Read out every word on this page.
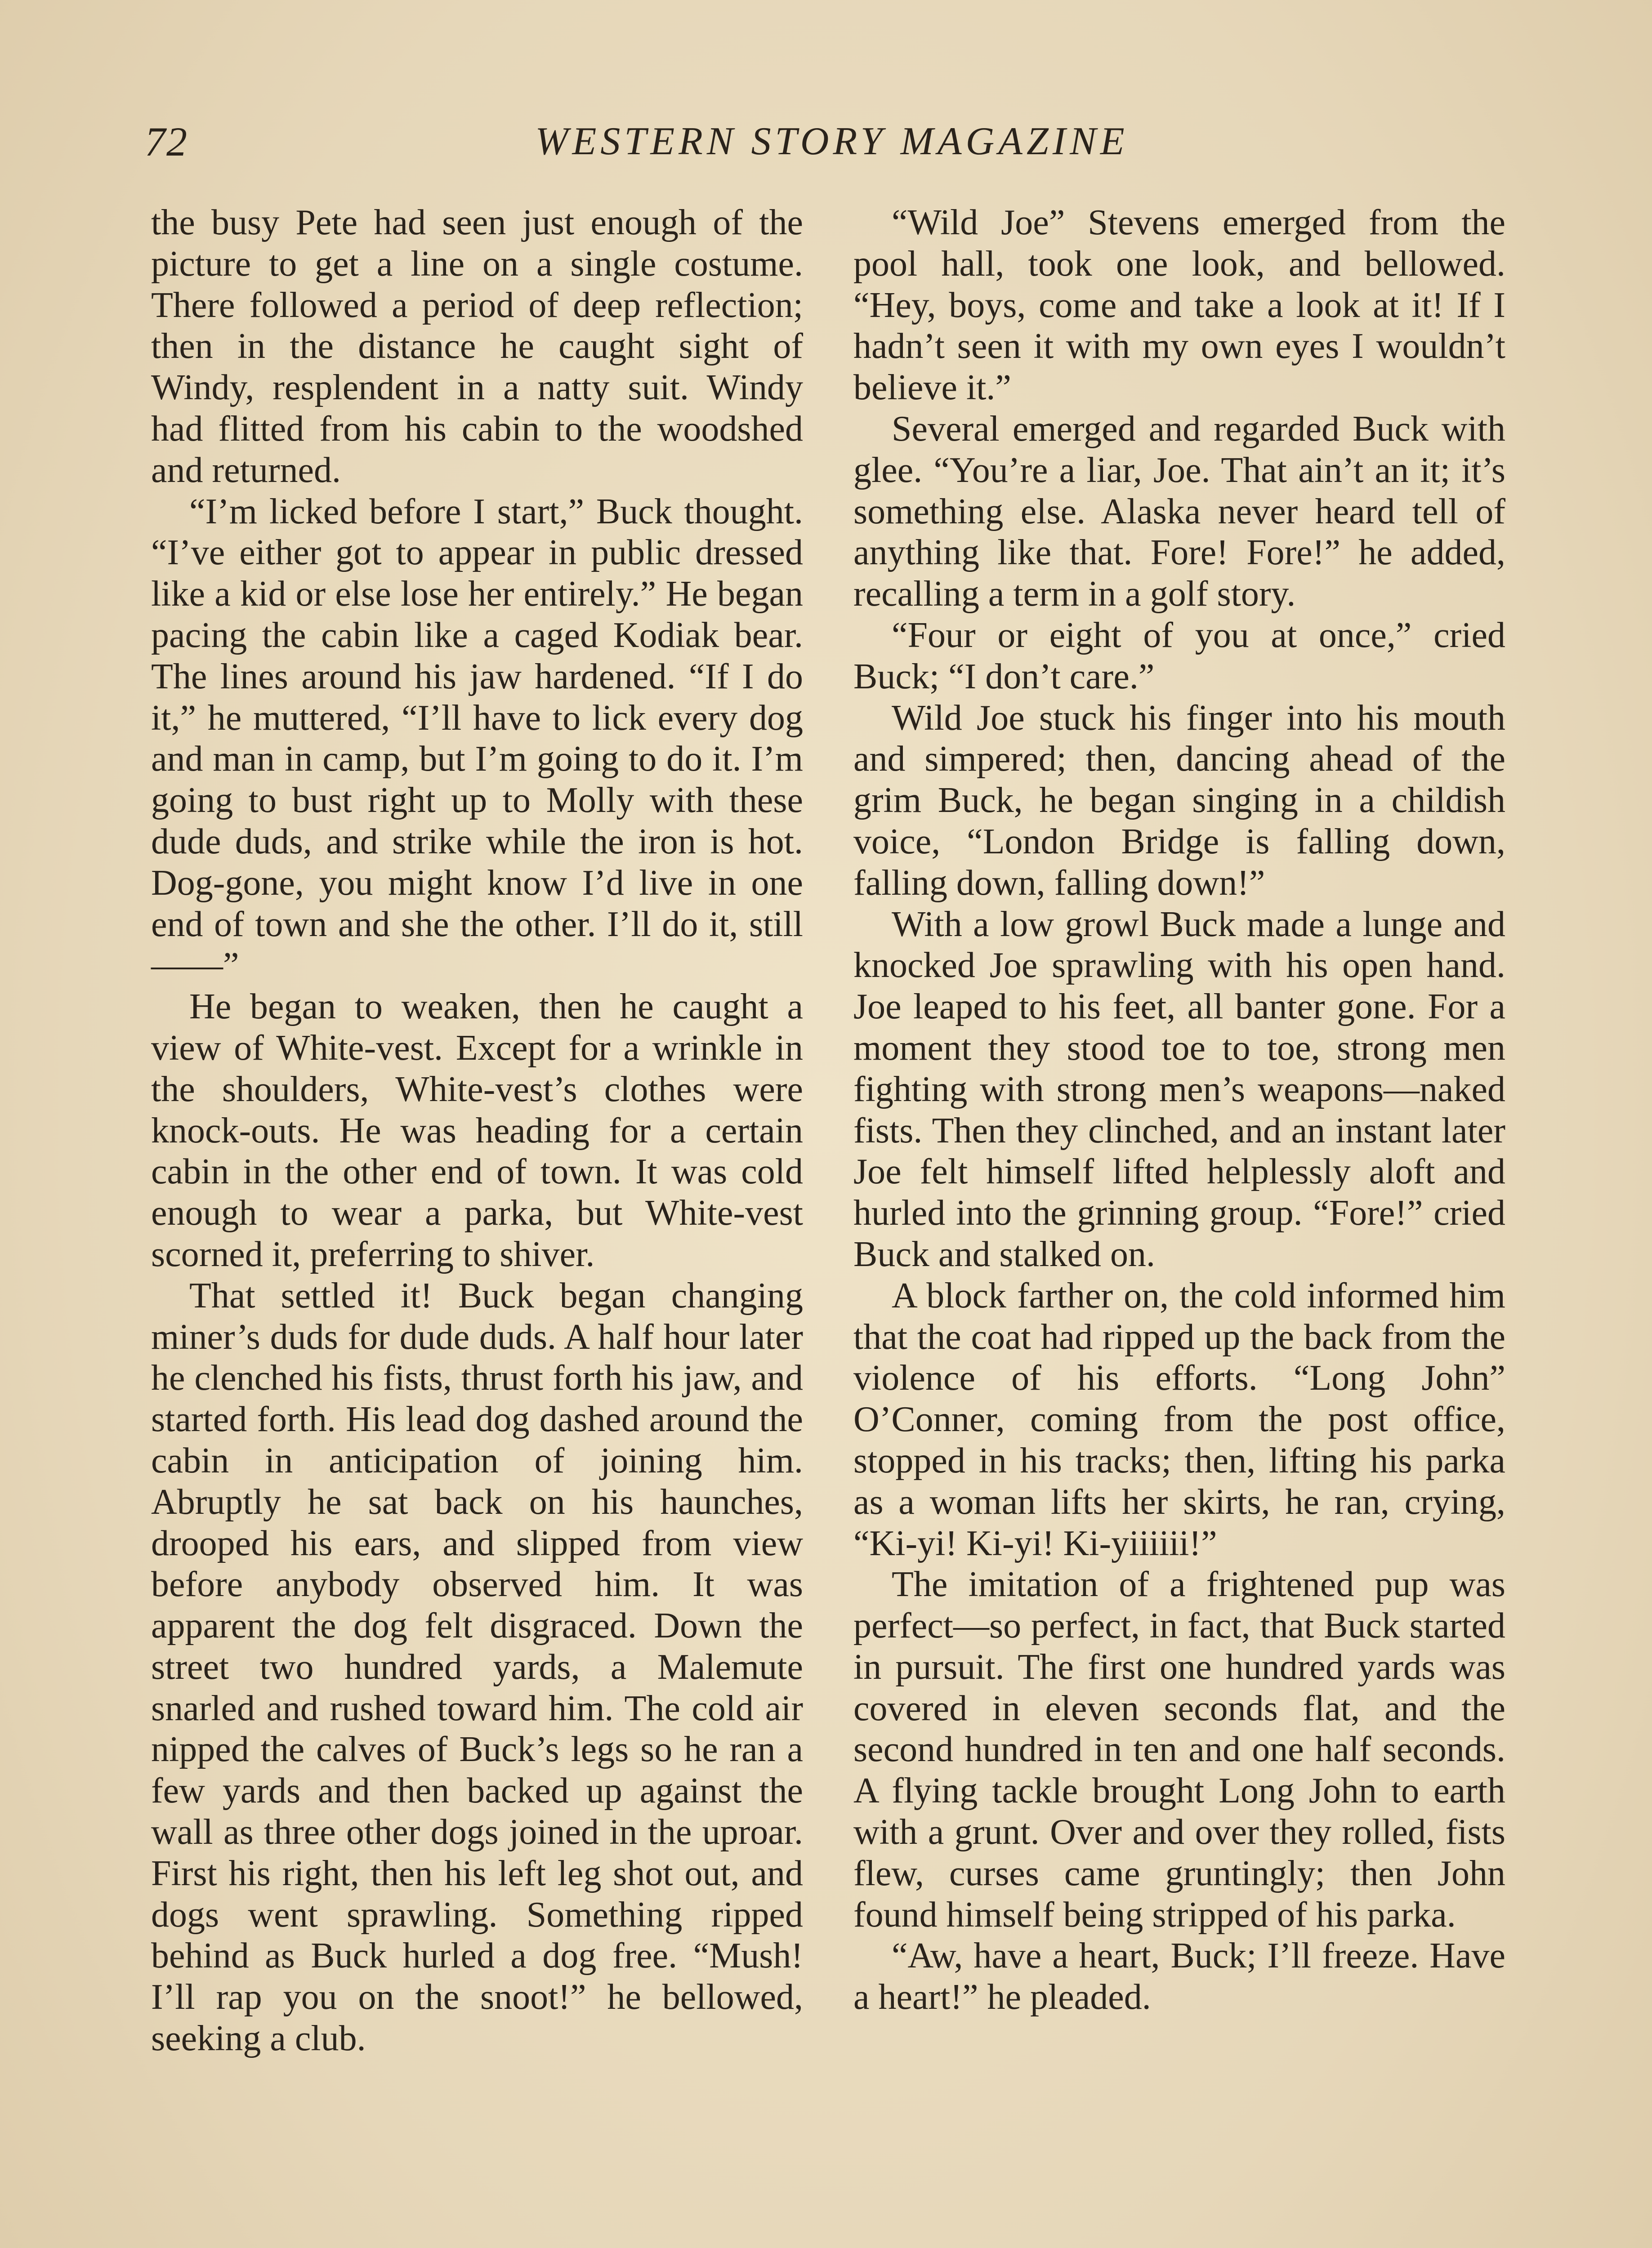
72	WESTERN STORY MAGAZINE

the busy Pete had seen just enough of the picture to get a line on a single costume. There followed a period of deep reflection; then in the distance he caught sight of Windy, resplendent in a natty suit. Windy had flitted from his cabin to the woodshed and returned.

“I’m licked before I start,” Buck thought. “I’ve either got to appear in public dressed like a kid or else lose her entirely.” He began pacing the cabin like a caged Kodiak bear. The lines around his jaw hardened. “If I do it,” he muttered, “I’ll have to lick every dog and man in camp, but I’m going to do it. I’m going to bust right up to Molly with these dude duds, and strike while the iron is hot. Dog-gone, you might know I’d live in one end of town and she the other. I’ll do it, still——”

He began to weaken, then he caught a view of White-vest. Except for a wrinkle in the shoulders, White-vest’s clothes were knock-outs. He was heading for a certain cabin in the other end of town. It was cold enough to wear a parka, but White-vest scorned it, preferring to shiver.

That settled it! Buck began changing miner’s duds for dude duds. A half hour later he clenched his fists, thrust forth his jaw, and started forth. His lead dog dashed around the cabin in anticipation of joining him. Abruptly he sat back on his haunches, drooped his ears, and slipped from view before anybody observed him. It was apparent the dog felt disgraced. Down the street two hundred yards, a Malemute snarled and rushed toward him. The cold air nipped the calves of Buck’s legs so he ran a few yards and then backed up against the wall as three other dogs joined in the uproar. First his right, then his left leg shot out, and dogs went sprawling. Something ripped behind as Buck hurled a dog free. “Mush! I’ll rap you on the snoot!” he bellowed, seeking a club.

“Wild Joe” Stevens emerged from the pool hall, took one look, and bellowed. “Hey, boys, come and take a look at it! If I hadn’t seen it with my own eyes I wouldn’t believe it.”

Several emerged and regarded Buck with glee. “You’re a liar, Joe. That ain’t an it; it’s something else. Alaska never heard tell of anything like that. Fore! Fore!” he added, recalling a term in a golf story.

“Four or eight of you at once,” cried Buck; “I don’t care.”

Wild Joe stuck his finger into his mouth and simpered; then, dancing ahead of the grim Buck, he began singing in a childish voice, “London Bridge is falling down, falling down, falling down!”

With a low growl Buck made a lunge and knocked Joe sprawling with his open hand. Joe leaped to his feet, all banter gone. For a moment they stood toe to toe, strong men fighting with strong men’s weapons—naked fists. Then they clinched, and an instant later Joe felt himself lifted helplessly aloft and hurled into the grinning group. “Fore!” cried Buck and stalked on.

A block farther on, the cold informed him that the coat had ripped up the back from the violence of his efforts. “Long John” O’Conner, coming from the post office, stopped in his tracks; then, lifting his parka as a woman lifts her skirts, he ran, crying, “Ki-yi! Ki-yi! Ki-yiiiiii!”

The imitation of a frightened pup was perfect—so perfect, in fact, that Buck started in pursuit. The first one hundred yards was covered in eleven seconds flat, and the second hundred in ten and one half seconds. A flying tackle brought Long John to earth with a grunt. Over and over they rolled, fists flew, curses came gruntingly; then John found himself being stripped of his parka.

“Aw, have a heart, Buck; I’ll freeze. Have a heart!” he pleaded.
